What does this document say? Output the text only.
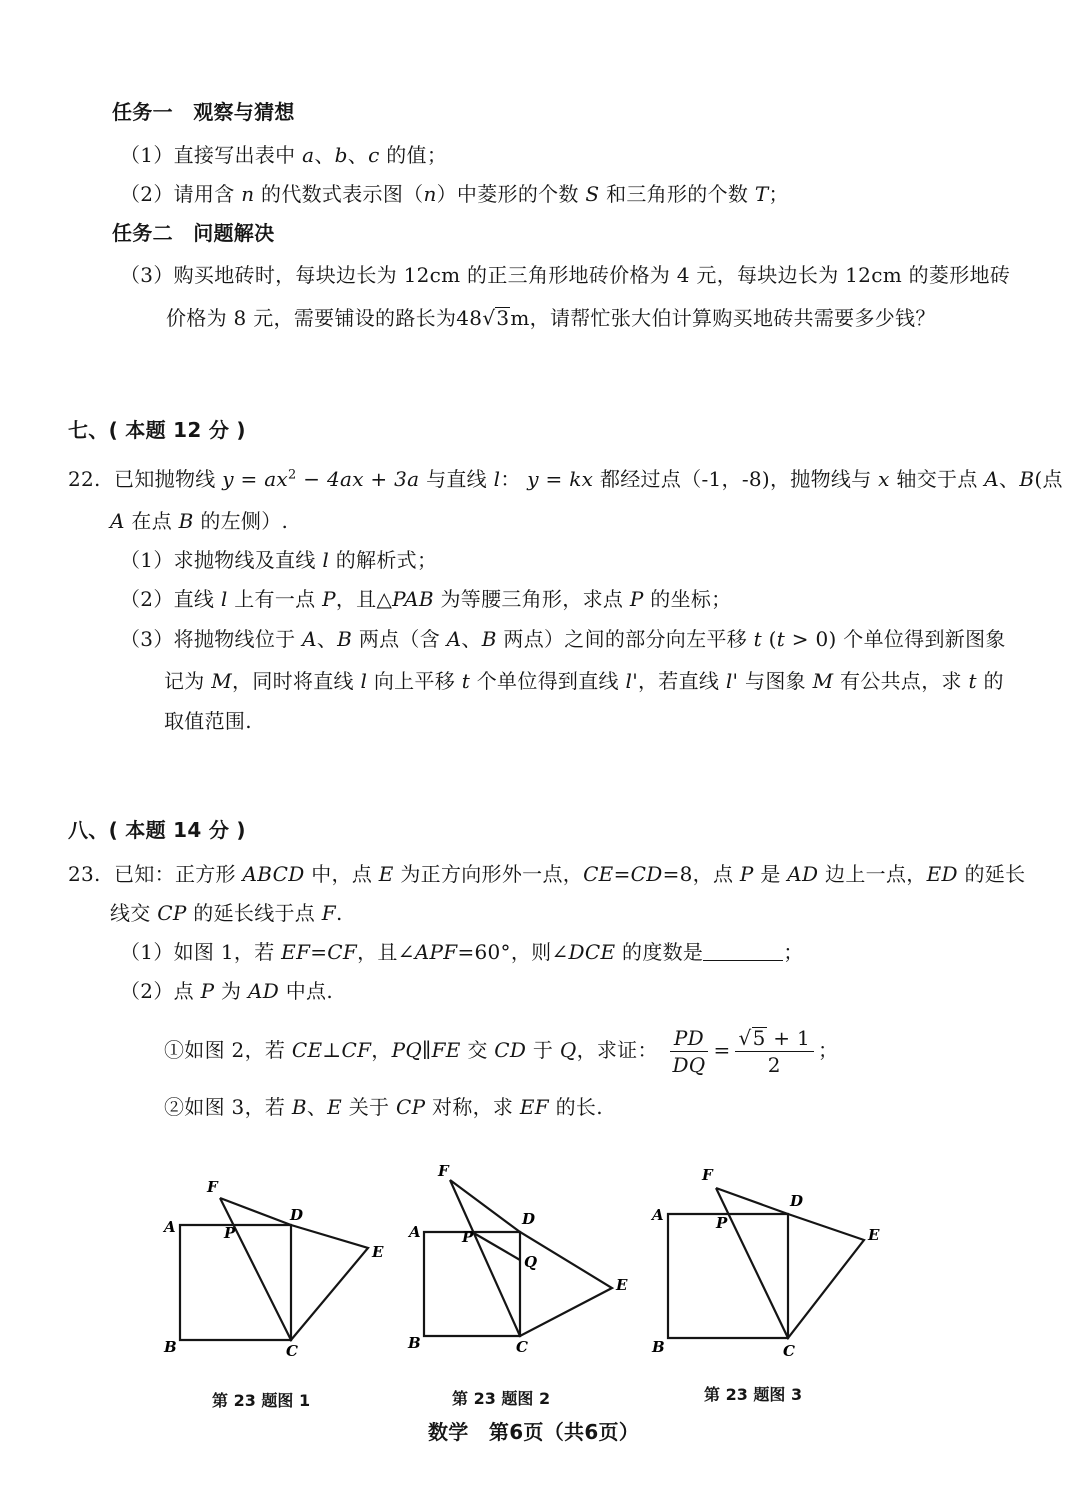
任务一　观察与猜想
（1）直接写出表中 a、b、c 的值；
（2）请用含 n 的代数式表示图（n）中菱形的个数 S 和三角形的个数 T；
任务二　问题解决
（3）购买地砖时，每块边长为 12cm 的正三角形地砖价格为 4 元，每块边长为 12cm 的菱形地砖
价格为 8 元，需要铺设的路长为48√3m，请帮忙张大伯计算购买地砖共需要多少钱？
七、( 本题 12 分 )
22. 已知抛物线 $y = ax^2 - 4ax + 3a$ 与直线 l： y = kx 都经过点（-1，-8)，抛物线与 x 轴交于点 A、B(点
A 在点 B 的左侧）.
（1）求抛物线及直线 l 的解析式；
（2）直线 l 上有一点 P，且△PAB 为等腰三角形，求点 P 的坐标；
（3）将抛物线位于 A、B 两点（含 A、B 两点）之间的部分向左平移 t (t > 0) 个单位得到新图象
记为 M，同时将直线 l 向上平移 t 个单位得到直线 l'，若直线 l' 与图象 M 有公共点，求 t 的
取值范围.
八、( 本题 14 分 )
23. 已知：正方形 ABCD 中，点 E 为正方向形外一点，CE=CD=8，点 P 是 AD 边上一点，ED 的延长
线交 CP 的延长线于点 F.
（1）如图 1，若 EF=CF，且∠APF=60°，则∠DCE 的度数是	；
（2）点 P 为 AD 中点.
①如图 2，若 CE⊥CF，PQ∥FE 交 CD 于 Q，求证： $\frac{PD}{DQ} = \frac{√5 + 1}{2}$ ；
②如图 3，若 B、E 关于 CP 对称，求 EF 的长.
A
B	C
D
E
F
P	A
B	C
D
E
F
P
Q
A
B	C
D
E
F
P
第 23 题图 1	第 23 题图 2	第 23 题图 3
数学　第6页（共6页）
